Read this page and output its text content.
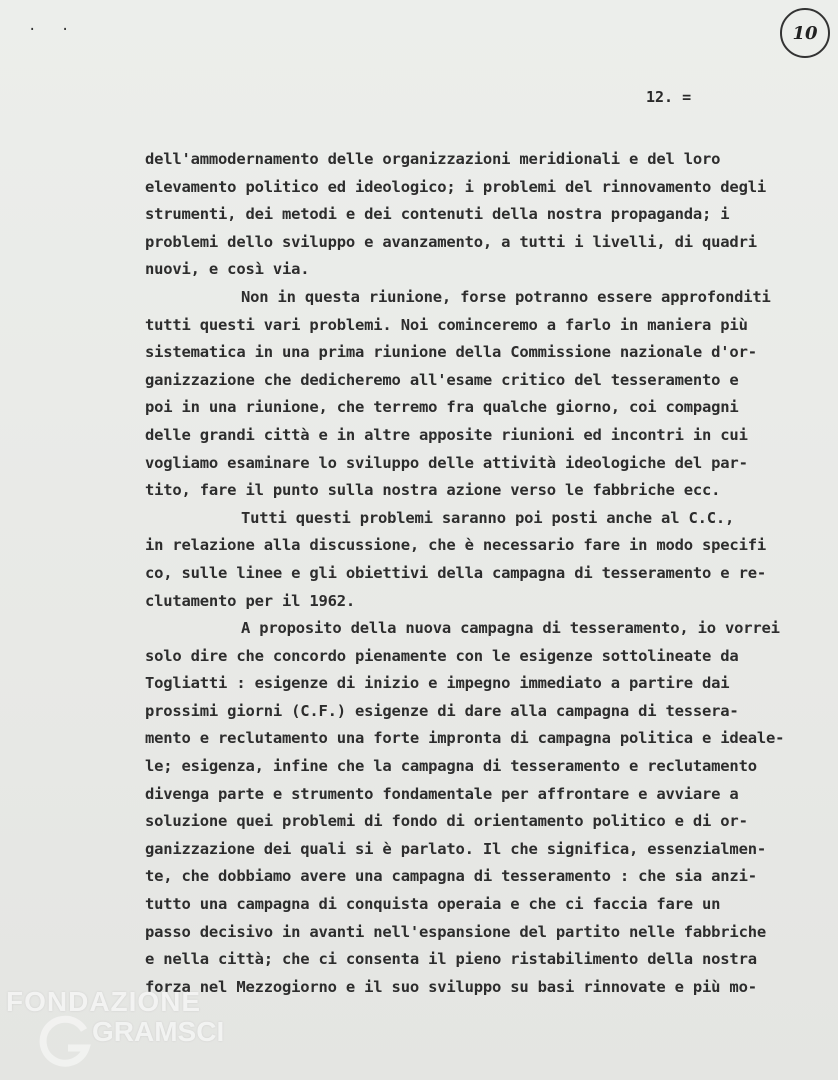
. .	10
12. =
dell'ammodernamento delle organizzazioni meridionali e del loro
elevamento politico ed ideologico; i problemi del rinnovamento degli
strumenti, dei metodi e dei contenuti della nostra propaganda; i
problemi dello sviluppo e avanzamento, a tutti i livelli, di quadri
nuovi, e così via.
Non in questa riunione, forse potranno essere approfonditi
tutti questi vari problemi. Noi cominceremo a farlo in maniera più
sistematica in una prima riunione della Commissione nazionale d'or-
ganizzazione che dedicheremo all'esame critico del tesseramento e
poi in una riunione, che terremo fra qualche giorno, coi compagni
delle grandi città e in altre apposite riunioni ed incontri in cui
vogliamo esaminare lo sviluppo delle attività ideologiche del par-
tito, fare il punto sulla nostra azione verso le fabbriche ecc.
Tutti questi problemi saranno poi posti anche al C.C.,
in relazione alla discussione, che è necessario fare in modo specifi
co, sulle linee e gli obiettivi della campagna di tesseramento e re-
clutamento per il 1962.
A proposito della nuova campagna di tesseramento, io vorrei
solo dire che concordo pienamente con le esigenze sottolineate da
Togliatti : esigenze di inizio e impegno immediato a partire dai
prossimi giorni (C.F.) esigenze di dare alla campagna di tessera-
mento e reclutamento una forte impronta di campagna politica e ideale-
le; esigenza, infine che la campagna di tesseramento e reclutamento
divenga parte e strumento fondamentale per affrontare e avviare a
soluzione quei problemi di fondo di orientamento politico e di or-
ganizzazione dei quali si è parlato. Il che significa, essenzialmen-
te, che dobbiamo avere una campagna di tesseramento : che sia anzi-
tutto una campagna di conquista operaia e che ci faccia fare un
passo decisivo in avanti nell'espansione del partito nelle fabbriche
e nella città; che ci consenta il pieno ristabilimento della nostra
forza nel Mezzogiorno e il suo sviluppo su basi rinnovate e più mo-
FONDAZIONE
GRAMSCI
